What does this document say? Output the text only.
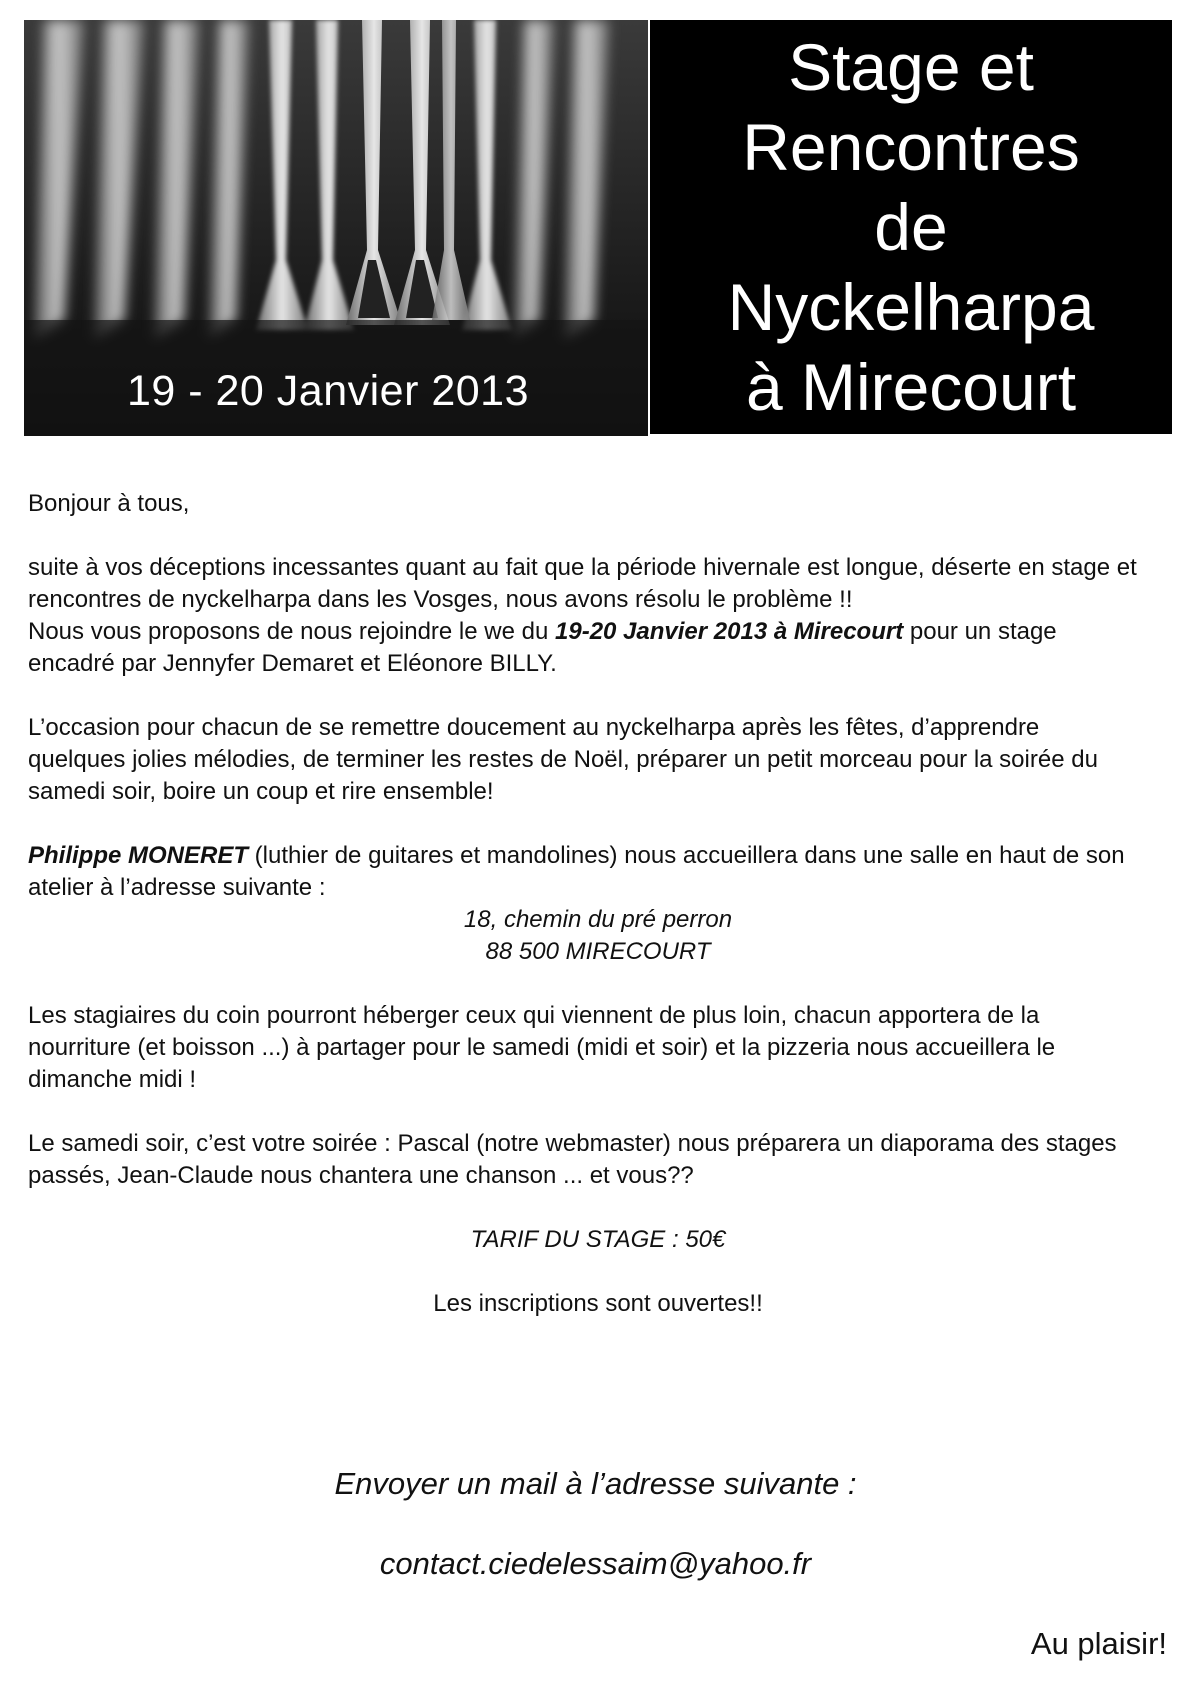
19 - 20 Janvier 2013
Stage et
Rencontres
de
Nyckelharpa
à Mirecourt

Bonjour à tous,

suite à vos déceptions incessantes quant au fait que la période hivernale est longue, déserte en stage et

rencontres de nyckelharpa dans les Vosges, nous avons résolu le problème !!

Nous vous proposons de nous rejoindre le we du 19-20 Janvier 2013 à Mirecourt pour un stage

encadré par Jennyfer Demaret et Eléonore BILLY.

L’occasion pour chacun de se remettre doucement au nyckelharpa après les fêtes, d’apprendre

quelques jolies mélodies, de terminer les restes de Noël, préparer un petit morceau pour la soirée du

samedi soir, boire un coup et rire ensemble!

Philippe MONERET (luthier de guitares et mandolines) nous accueillera dans une salle en haut de son

atelier à l’adresse suivante :

18, chemin du pré perron

88 500 MIRECOURT

Les stagiaires du coin pourront héberger ceux qui viennent de plus loin, chacun apportera de la

nourriture (et boisson ...) à partager pour le samedi (midi et soir) et la pizzeria nous accueillera le

dimanche midi !

Le samedi soir, c’est votre soirée : Pascal (notre webmaster) nous préparera un diaporama des stages

passés, Jean-Claude nous chantera une chanson ... et vous??

TARIF DU STAGE : 50€

Les inscriptions sont ouvertes!!

Envoyer un mail à l’adresse suivante :
contact.ciedelessaim@yahoo.fr
Au plaisir!
